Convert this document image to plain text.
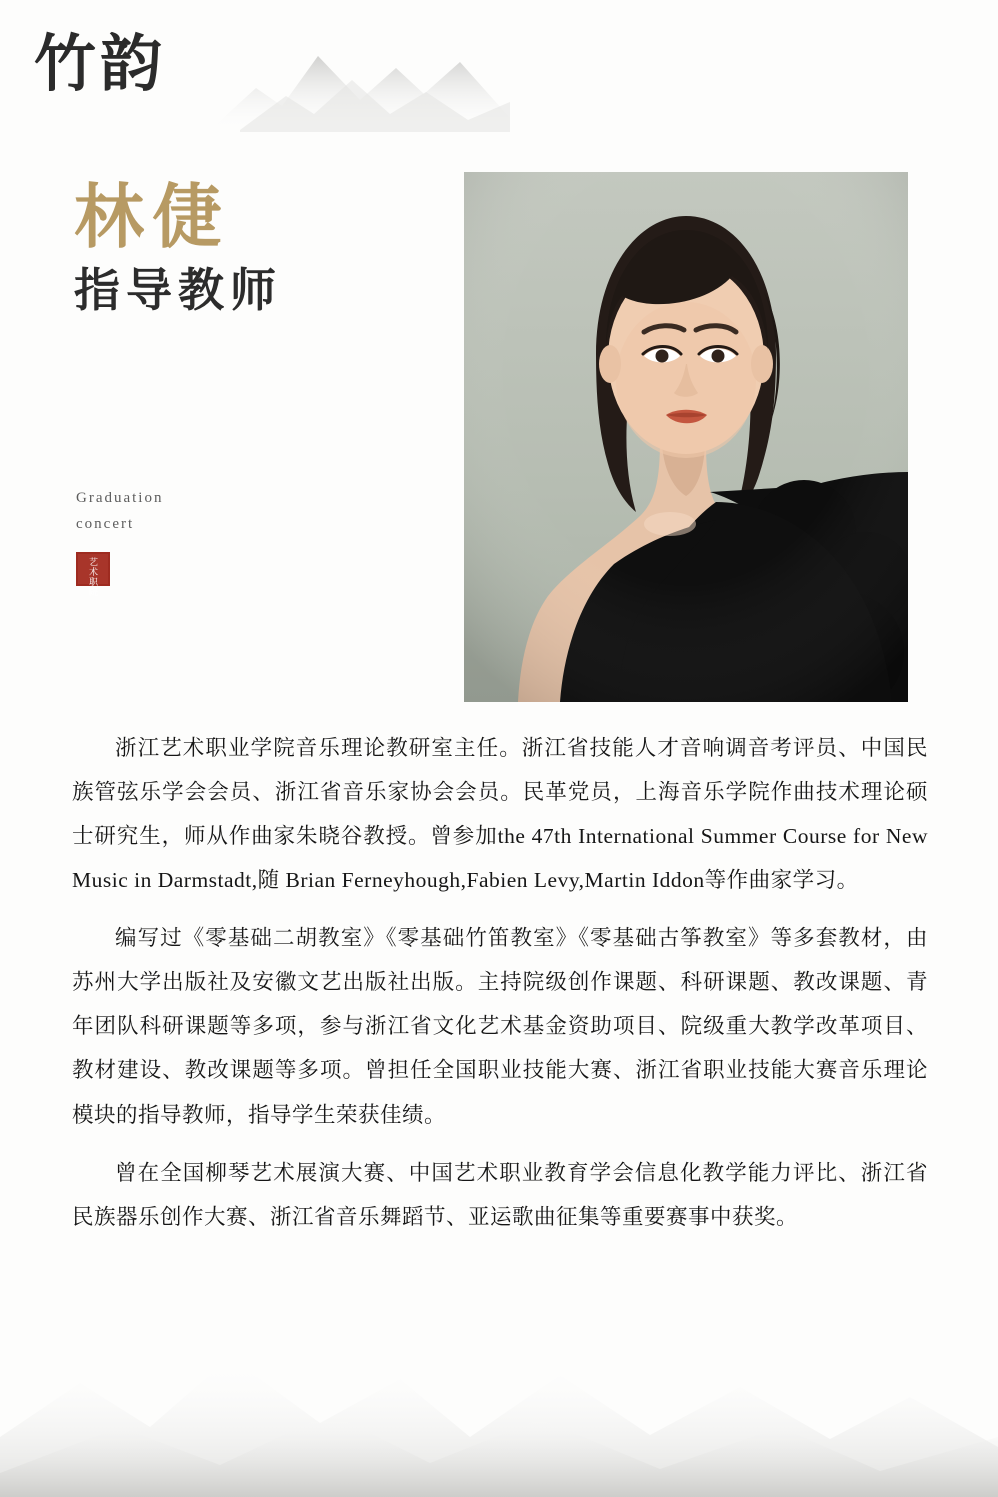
竹韵
林倢
指导教师
Graduation
concert
艺术职院

浙江艺术职业学院音乐理论教研室主任。浙江省技能人才音响调音考评员、中国民族管弦乐学会会员、浙江省音乐家协会会员。民革党员，上海音乐学院作曲技术理论硕士研究生，师从作曲家朱晓谷教授。曾参加the 47th International Summer Course for New Music in Darmstadt,随 Brian Ferneyhough,Fabien Levy,Martin Iddon等作曲家学习。

编写过《零基础二胡教室》《零基础竹笛教室》《零基础古筝教室》等多套教材，由苏州大学出版社及安徽文艺出版社出版。主持院级创作课题、科研课题、教改课题、青年团队科研课题等多项，参与浙江省文化艺术基金资助项目、院级重大教学改革项目、教材建设、教改课题等多项。曾担任全国职业技能大赛、浙江省职业技能大赛音乐理论模块的指导教师，指导学生荣获佳绩。

曾在全国柳琴艺术展演大赛、中国艺术职业教育学会信息化教学能力评比、浙江省民族器乐创作大赛、浙江省音乐舞蹈节、亚运歌曲征集等重要赛事中获奖。
